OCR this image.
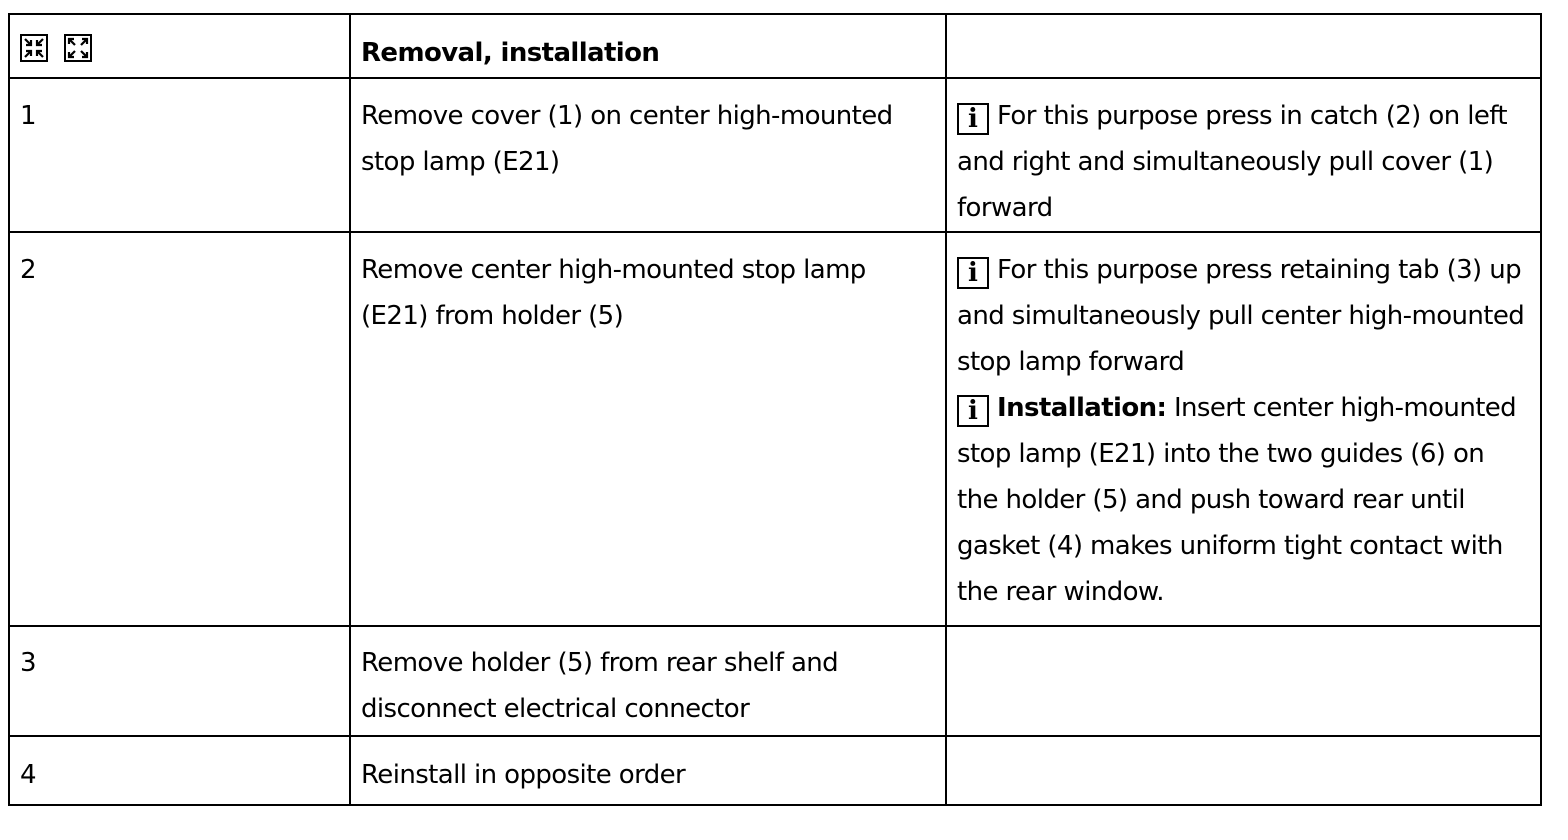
	Removal, installation	
1	Remove cover (1) on center high-mounted stop lamp (E21)	i For this purpose press in catch (2) on left and right and simultaneously pull cover (1) forward

2	Remove center high-mounted stop lamp (E21) from holder (5)	i For this purpose press retaining tab (3) up and simultaneously pull center high-mounted stop lamp forward
i Installation: Insert center high-mounted stop lamp (E21) into the two guides (6) on the holder (5) and push toward rear until gasket (4) makes uniform tight contact with the rear window.

3	Remove holder (5) from rear shelf and disconnect electrical connector	
4	Reinstall in opposite order	
